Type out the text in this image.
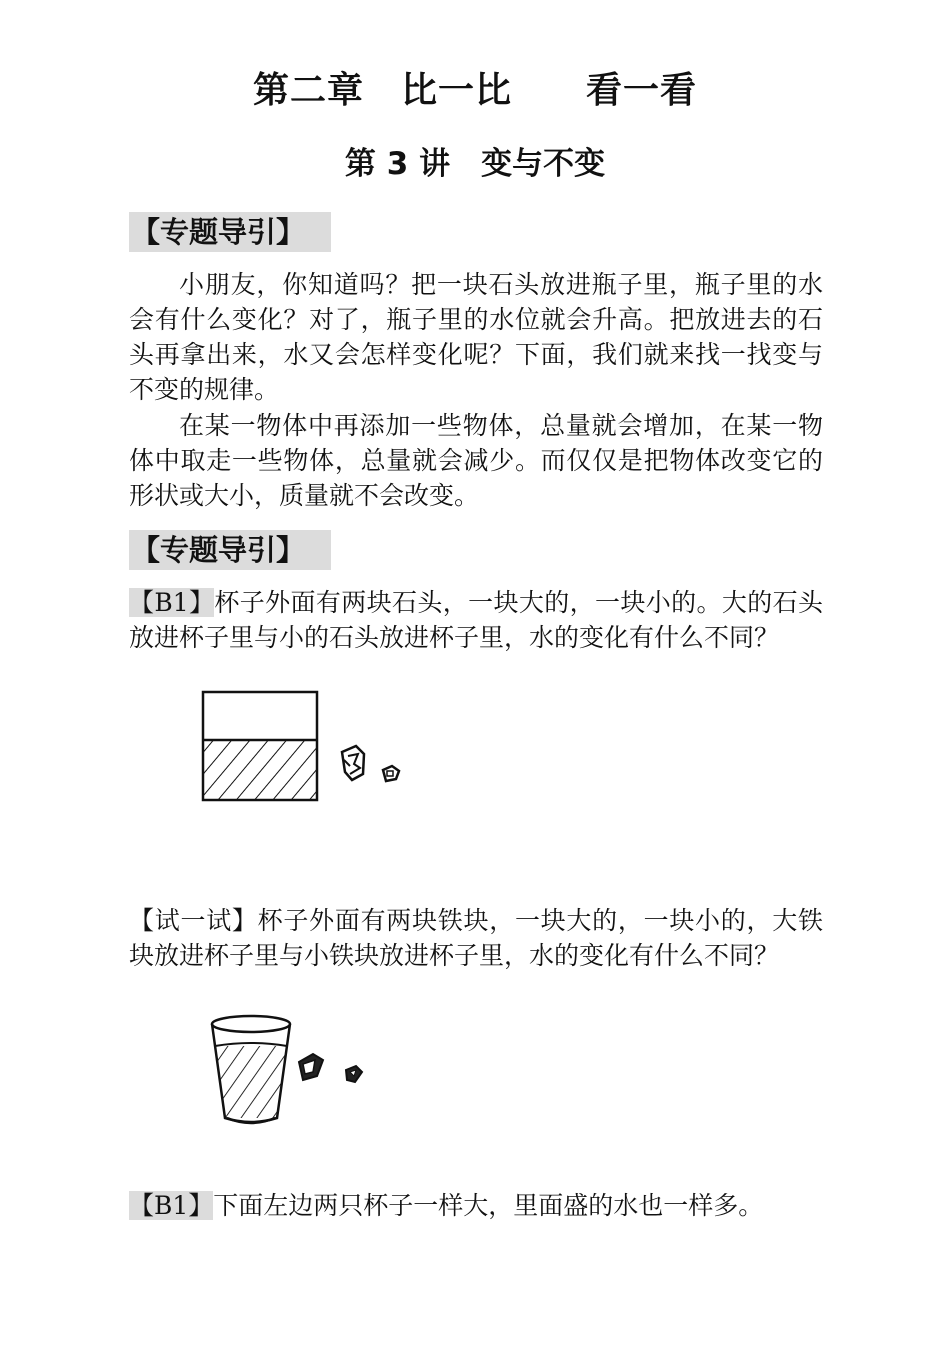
第二章　比一比　　看一看
第 3 讲　变与不变
【专题导引】

小朋友，你知道吗？把一块石头放进瓶子里，瓶子里的水会有什么变化？对了，瓶子里的水位就会升高。把放进去的石头再拿出来，水又会怎样变化呢？下面，我们就来找一找变与不变的规律。

在某一物体中再添加一些物体，总量就会增加，在某一物体中取走一些物体，总量就会减少。而仅仅是把物体改变它的形状或大小，质量就不会改变。

【专题导引】

【B1】杯子外面有两块石头，一块大的，一块小的。大的石头放进杯子里与小的石头放进杯子里，水的变化有什么不同？

【试一试】杯子外面有两块铁块，一块大的，一块小的，大铁块放进杯子里与小铁块放进杯子里，水的变化有什么不同？

【B1】下面左边两只杯子一样大，里面盛的水也一样多。
